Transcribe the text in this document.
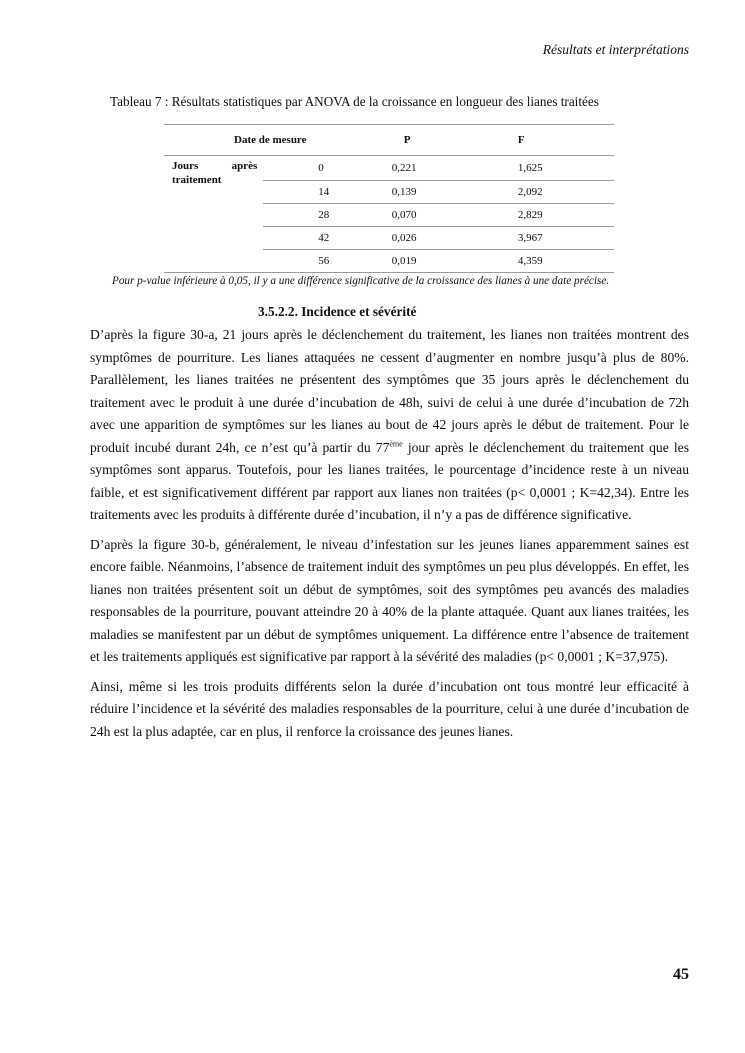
Résultats et interprétations
Tableau 7 : Résultats statistiques par ANOVA de la croissance en longueur des lianes traitées
Date de mesure		P	F

Jours après
traitement	0	0,221	1,625
	14	0,139	2,092
	28	0,070	2,829
	42	0,026	3,967
	56	0,019	4,359
Pour p-value inférieure à 0,05, il y a une différence significative de la croissance des lianes à une date précise.
3.5.2.2. Incidence et sévérité

D’après la figure 30-a, 21 jours après le déclenchement du traitement, les lianes non traitées montrent des symptômes de pourriture. Les lianes attaquées ne cessent d’augmenter en nombre jusqu’à plus de 80%. Parallèlement, les lianes traitées ne présentent des symptômes que 35 jours après le déclenchement du traitement avec le produit à une durée d’incubation de 48h, suivi de celui à une durée d’incubation de 72h avec une apparition de symptômes sur les lianes au bout de 42 jours après le début de traitement. Pour le produit incubé durant 24h, ce n’est qu’à partir du 77ème jour après le déclenchement du traitement que les symptômes sont apparus. Toutefois, pour les lianes traitées, le pourcentage d’incidence reste à un niveau faible, et est significativement différent par rapport aux lianes non traitées (p< 0,0001 ; K=42,34). Entre les traitements avec les produits à différente durée d’incubation, il n’y a pas de différence significative.

D’après la figure 30-b, généralement, le niveau d’infestation sur les jeunes lianes apparemment saines est encore faible. Néanmoins, l’absence de traitement induit des symptômes un peu plus développés. En effet, les lianes non traitées présentent soit un début de symptômes, soit des symptômes peu avancés des maladies responsables de la pourriture, pouvant atteindre 20 à 40% de la plante attaquée. Quant aux lianes traitées, les maladies se manifestent par un début de symptômes uniquement. La différence entre l’absence de traitement et les traitements appliqués est significative par rapport à la sévérité des maladies (p< 0,0001 ; K=37,975).

Ainsi, même si les trois produits différents selon la durée d’incubation ont tous montré leur efficacité à réduire l’incidence et la sévérité des maladies responsables de la pourriture, celui à une durée d’incubation de 24h est la plus adaptée, car en plus, il renforce la croissance des jeunes lianes.

45
